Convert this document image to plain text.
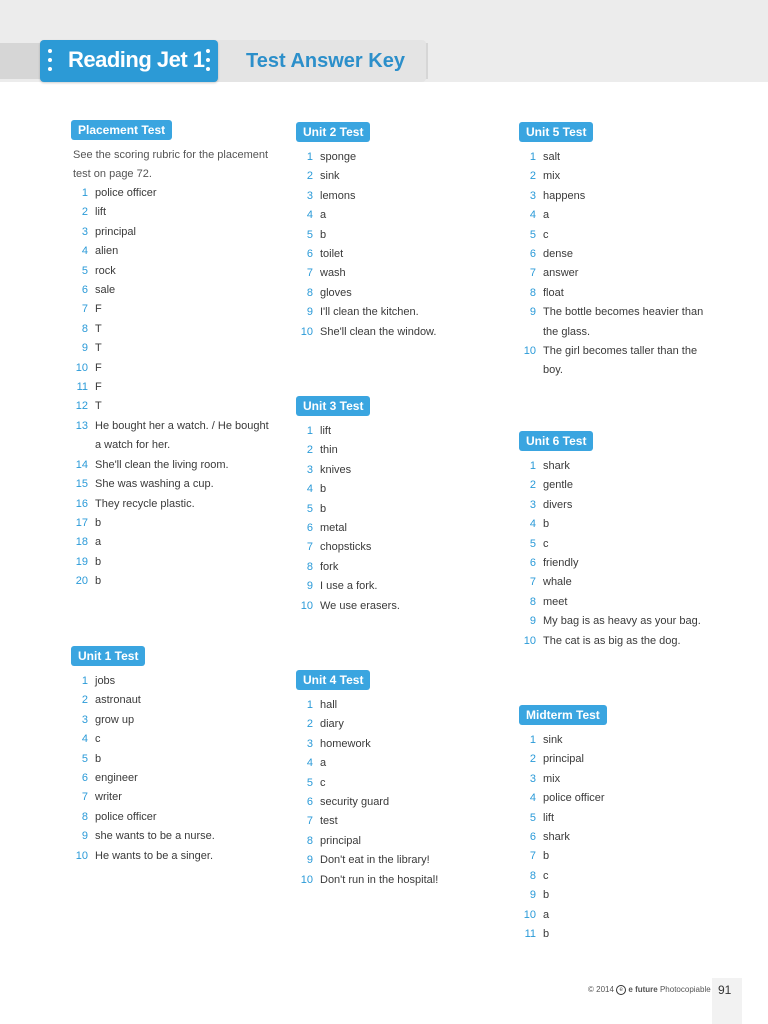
Reading Jet 1 Test Answer Key
Placement Test
See the scoring rubric for the placement test on page 72.
1 police officer
2 lift
3 principal
4 alien
5 rock
6 sale
7 F
8 T
9 T
10 F
11 F
12 T
13 He bought her a watch. / He bought a watch for her.
14 She'll clean the living room.
15 She was washing a cup.
16 They recycle plastic.
17 b
18 a
19 b
20 b
Unit 1 Test
1 jobs
2 astronaut
3 grow up
4 c
5 b
6 engineer
7 writer
8 police officer
9 she wants to be a nurse.
10 He wants to be a singer.
Unit 2 Test
1 sponge
2 sink
3 lemons
4 a
5 b
6 toilet
7 wash
8 gloves
9 I'll clean the kitchen.
10 She'll clean the window.
Unit 3 Test
1 lift
2 thin
3 knives
4 b
5 b
6 metal
7 chopsticks
8 fork
9 I use a fork.
10 We use erasers.
Unit 4 Test
1 hall
2 diary
3 homework
4 a
5 c
6 security guard
7 test
8 principal
9 Don't eat in the library!
10 Don't run in the hospital!
Unit 5 Test
1 salt
2 mix
3 happens
4 a
5 c
6 dense
7 answer
8 float
9 The bottle becomes heavier than the glass.
10 The girl becomes taller than the boy.
Unit 6 Test
1 shark
2 gentle
3 divers
4 b
5 c
6 friendly
7 whale
8 meet
9 My bag is as heavy as your bag.
10 The cat is as big as the dog.
Midterm Test
1 sink
2 principal
3 mix
4 police officer
5 lift
6 shark
7 b
8 c
9 b
10 a
11 b
© 2014 e e future Photocopiable 91
